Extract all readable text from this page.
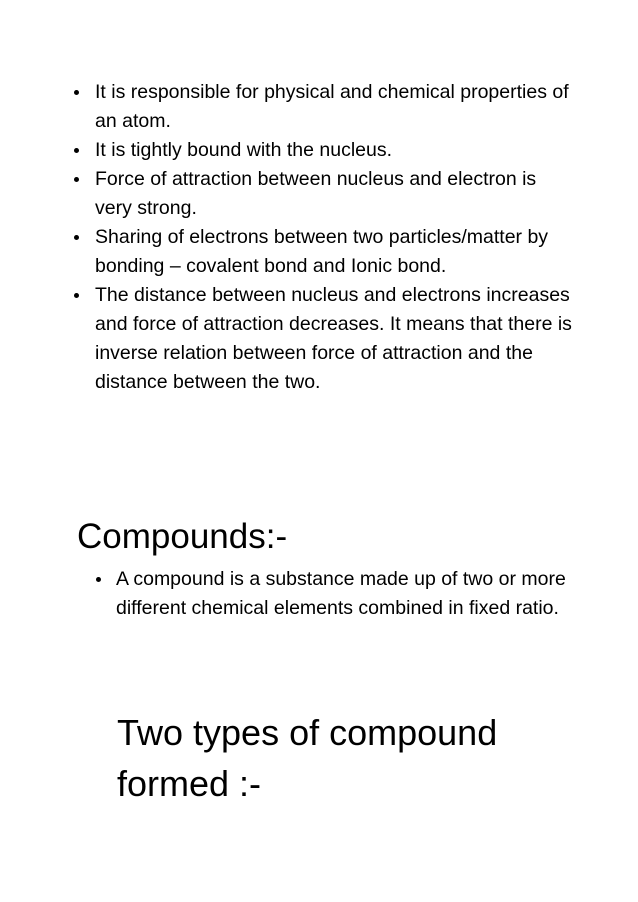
It is responsible for physical and chemical properties of an atom.
It is tightly bound with the nucleus.
Force of attraction between nucleus and electron is very strong.
Sharing of electrons between two particles/matter by bonding – covalent bond and Ionic bond.
The distance between nucleus and electrons increases and force of attraction decreases. It means that there is inverse relation between force of attraction and the distance between the two.
Compounds:-
A compound is a substance made up of two or more different chemical elements combined in fixed ratio.
Two types of compound formed :-
